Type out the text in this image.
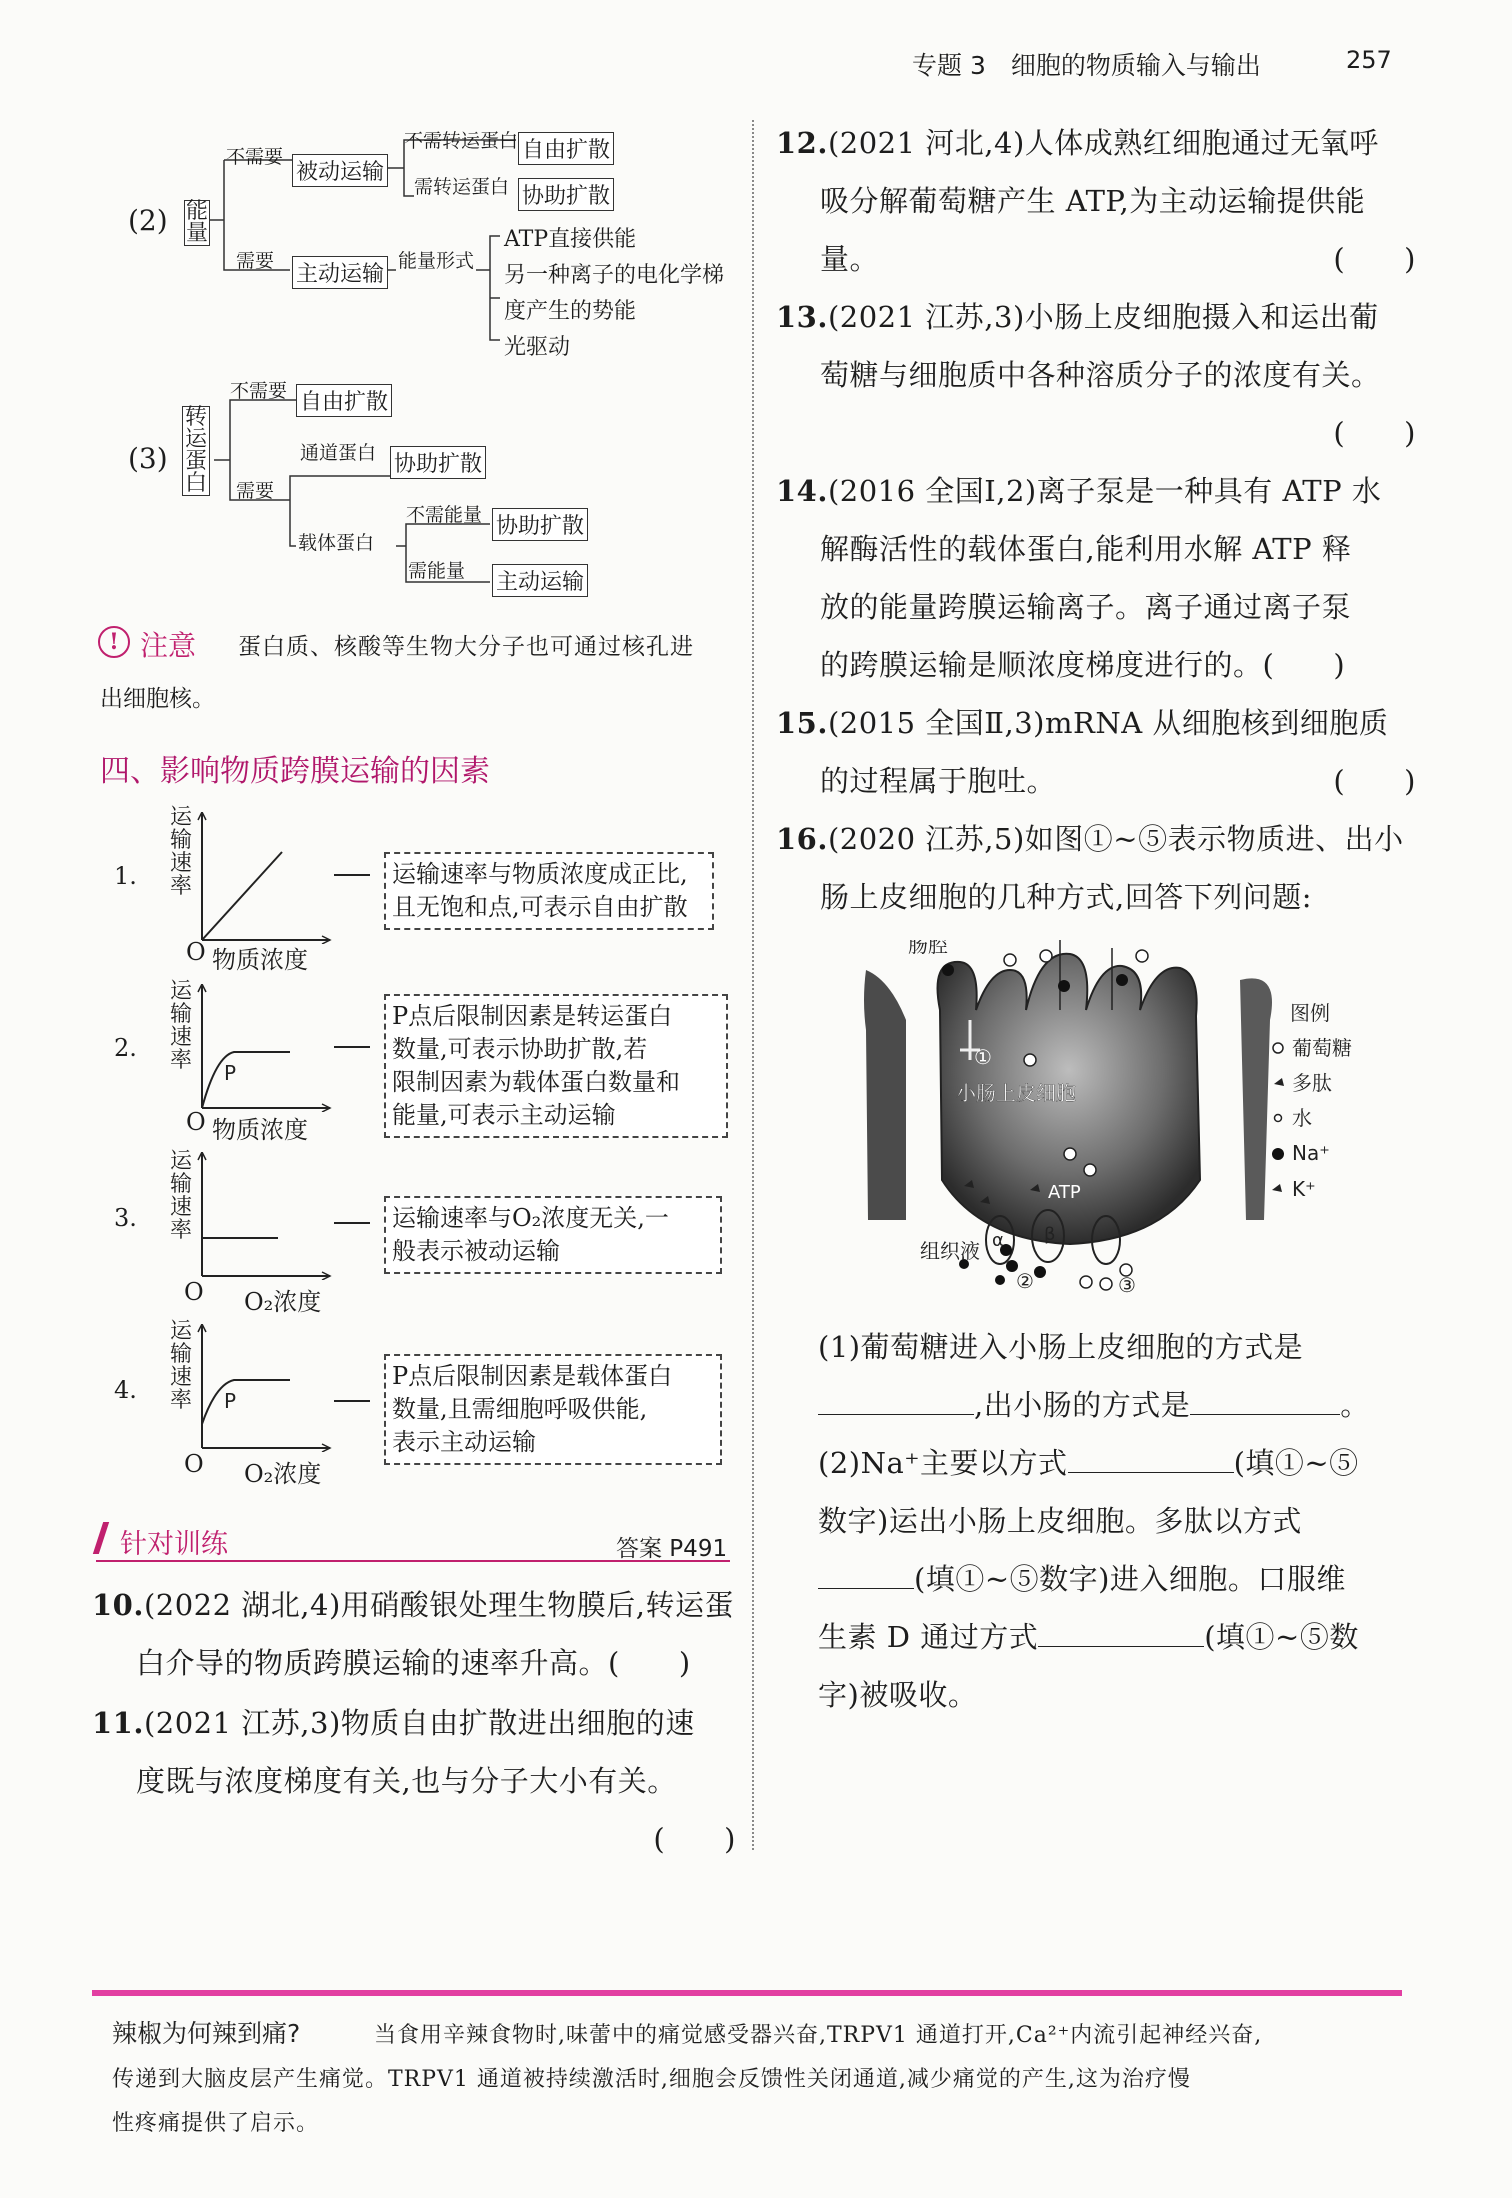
专题 3　细胞的物质输入与输出	257
(2) 能量
不需要
被动运输
不需转运蛋白 自由扩散
需转运蛋白 协助扩散
需要
主动运输
能量形式
ATP直接供能
另一种离子的电化学梯
度产生的势能
光驱动
(3)
转运蛋白
不需要 自由扩散
需要
通道蛋白 协助扩散
载体蛋白
不需能量 协助扩散
需能量 主动运输
! 注意 蛋白质、核酸等生物大分子也可通过核孔进
出细胞核。
四、影响物质跨膜运输的因素
1.
运输速率
O 物质浓度
运输速率与物质浓度成正比,
且无饱和点,可表示自由扩散
2.
运输速率 P
O 物质浓度
P点后限制因素是转运蛋白
数量,可表示协助扩散,若
限制因素为载体蛋白数量和
能量,可表示主动运输
3.
运输速率
O O₂浓度
运输速率与O₂浓度无关,一
般表示被动运输
4.
运输速率 P
O O₂浓度
P点后限制因素是载体蛋白
数量,且需细胞呼吸供能,
表示主动运输
针对训练	答案 P491
10.(2022 湖北,4)用硝酸银处理生物膜后,转运蛋
白介导的物质跨膜运输的速率升高。(　　)
11.(2021 江苏,3)物质自由扩散进出细胞的速
度既与浓度梯度有关,也与分子大小有关。
(　　)
12.(2021 河北,4)人体成熟红细胞通过无氧呼
吸分解葡萄糖产生 ATP,为主动运输提供能
量。	(　　)
13.(2021 江苏,3)小肠上皮细胞摄入和运出葡
萄糖与细胞质中各种溶质分子的浓度有关。
(　　)
14.(2016 全国Ⅰ,2)离子泵是一种具有 ATP 水
解酶活性的载体蛋白,能利用水解 ATP 释
放的能量跨膜运输离子。离子通过离子泵
的跨膜运输是顺浓度梯度进行的。(　　)
15.(2015 全国Ⅱ,3)mRNA 从细胞核到细胞质
的过程属于胞吐。	(　　)
16.(2020 江苏,5)如图①~⑤表示物质进、出小
肠上皮细胞的几种方式,回答下列问题:
肠腔
小肠上皮细胞
组织液
ATP
①
②	③
α β
图例
葡萄糖
多肽
水
Na⁺
K⁺
(1)葡萄糖进入小肠上皮细胞的方式是
,出小肠的方式是	。
(2)Na⁺主要以方式	(填①~⑤
数字)运出小肠上皮细胞。多肽以方式
(填①~⑤数字)进入细胞。口服维
生素 D 通过方式	(填①~⑤数
字)被吸收。
辣椒为何辣到痛?	当食用辛辣食物时,味蕾中的痛觉感受器兴奋,TRPV1 通道打开,Ca²⁺内流引起神经兴奋,
传递到大脑皮层产生痛觉。TRPV1 通道被持续激活时,细胞会反馈性关闭通道,减少痛觉的产生,这为治疗慢
性疼痛提供了启示。
